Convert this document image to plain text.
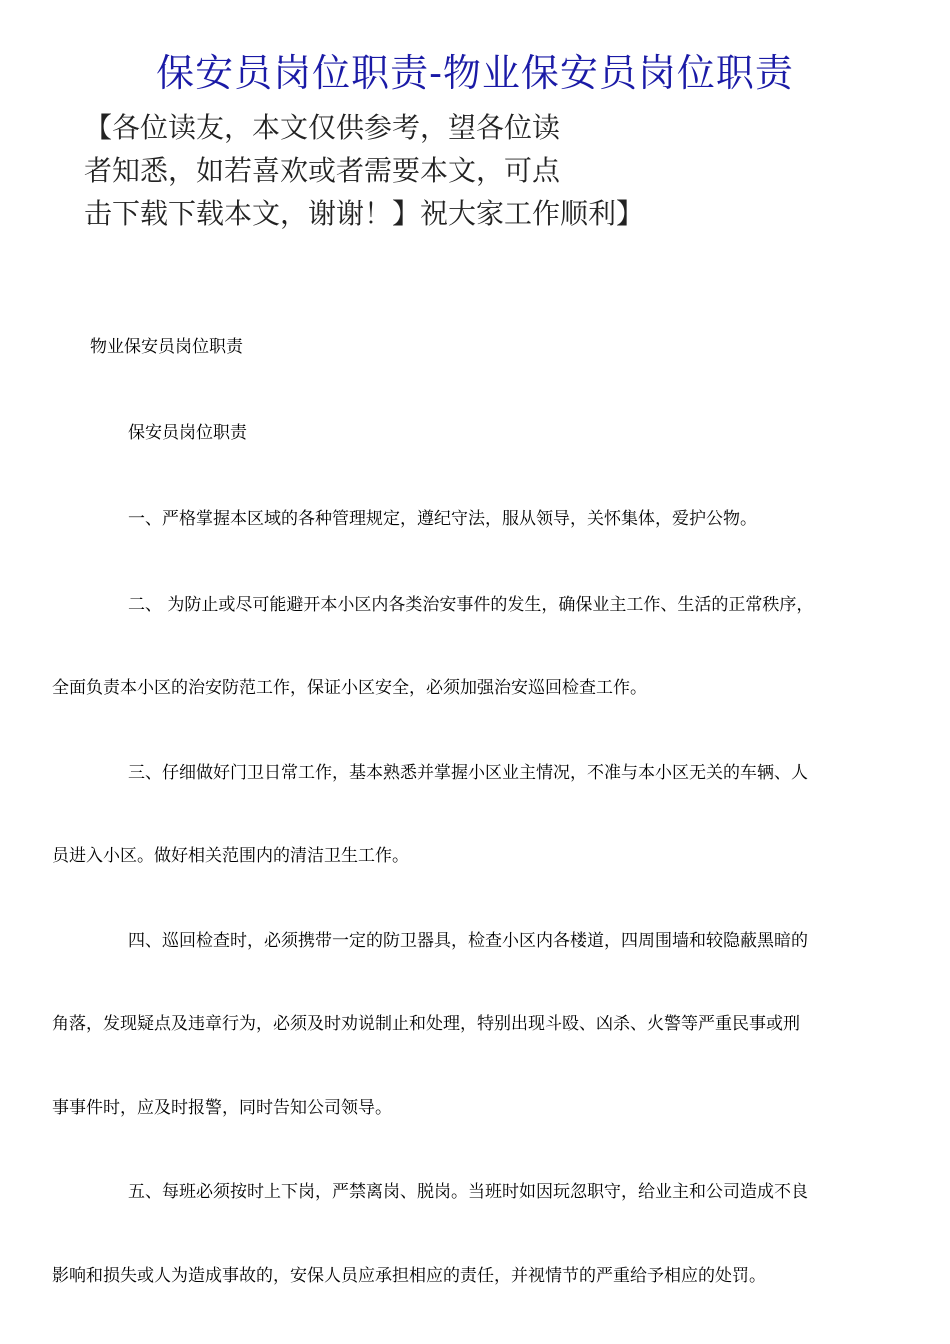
保安员岗位职责-物业保安员岗位职责
【各位读友，本文仅供参考，望各位读
者知悉，如若喜欢或者需要本文，可点
击下载下载本文，谢谢！】祝大家工作顺利】
物业保安员岗位职责
保安员岗位职责
一、严格掌握本区域的各种管理规定，遵纪守法，服从领导，关怀集体，爱护公物。
二、 为防止或尽可能避开本小区内各类治安事件的发生，确保业主工作、生活的正常秩序，
全面负责本小区的治安防范工作，保证小区安全，必须加强治安巡回检查工作。
三、仔细做好门卫日常工作，基本熟悉并掌握小区业主情况，不准与本小区无关的车辆、人
员进入小区。做好相关范围内的清洁卫生工作。
四、巡回检查时，必须携带一定的防卫器具，检查小区内各楼道，四周围墙和较隐蔽黑暗的
角落，发现疑点及违章行为，必须及时劝说制止和处理，特别出现斗殴、凶杀、火警等严重民事或刑
事事件时，应及时报警，同时告知公司领导。
五、每班必须按时上下岗，严禁离岗、脱岗。当班时如因玩忽职守，给业主和公司造成不良
影响和损失或人为造成事故的，安保人员应承担相应的责任，并视情节的严重给予相应的处罚。
